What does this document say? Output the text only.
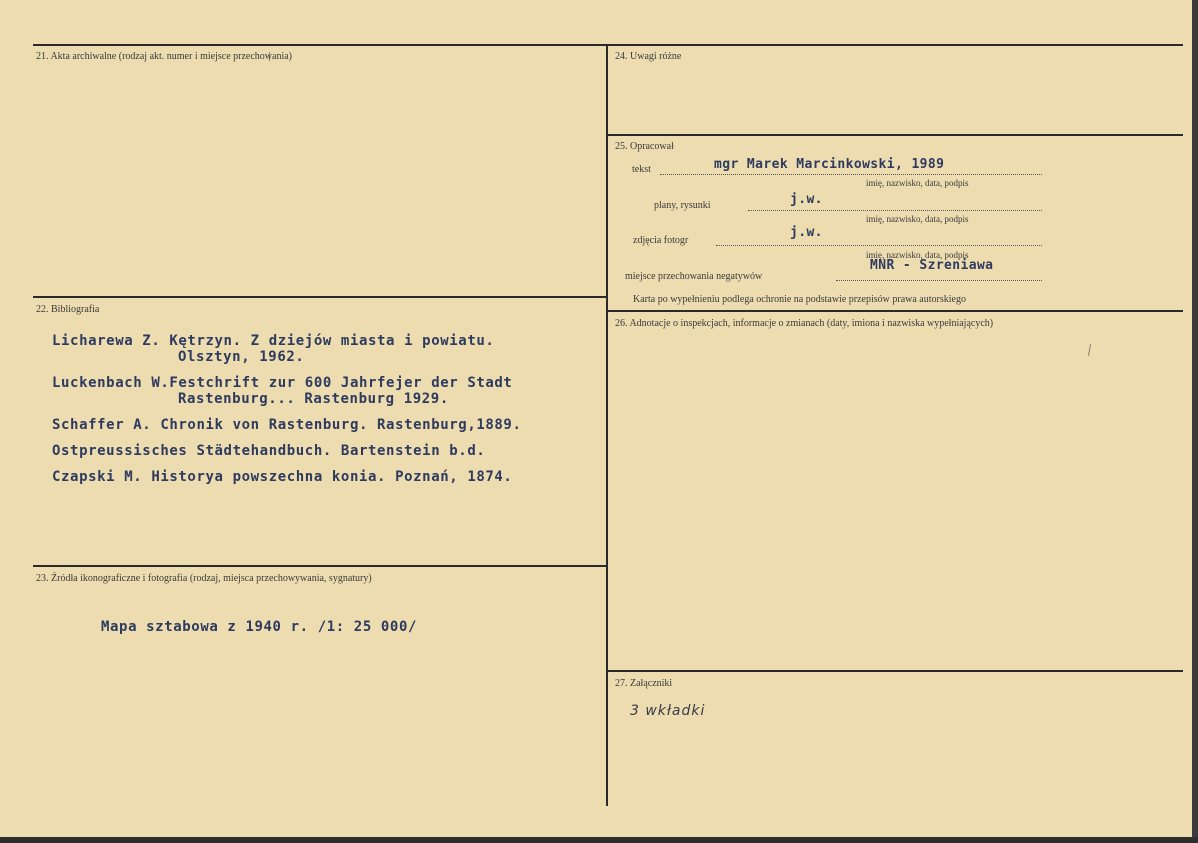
21. Akta archiwalne (rodzaj akt. numer i miejsce przechowania)
22. Bibliografia
Licharewa Z. Kętrzyn. Z dziejów miasta i powiatu.
Olsztyn, 1962.
Luckenbach W.Festchrift zur 600 Jahrfejer der Stadt
Rastenburg... Rastenburg 1929.
Schaffer A. Chronik von Rastenburg. Rastenburg,1889.
Ostpreussisches Städtehandbuch. Bartenstein b.d.
Czapski M. Historya powszechna konia. Poznań, 1874.
23. Źródła ikonograficzne i fotografia (rodzaj, miejsca przechowywania, sygnatury)
Mapa sztabowa z 1940 r. /1: 25 000/
24. Uwagi różne
25. Opracował
tekst	mgr Marek Marcinkowski, 1989
imię, nazwisko, data, podpis
plany, rysunki	j.w.
imię, nazwisko, data, podpis
zdjęcia fotogr
j.w.
imię, nazwisko, data, podpis
miejsce przechowania negatywów
MNR - Szreniawa
Karta po wypełnieniu podlega ochronie na podstawie przepisów prawa autorskiego
26. Adnotacje o inspekcjach, informacje o zmianach (daty, imiona i nazwiska wypełniających)
27. Załączniki
3 wkładki
